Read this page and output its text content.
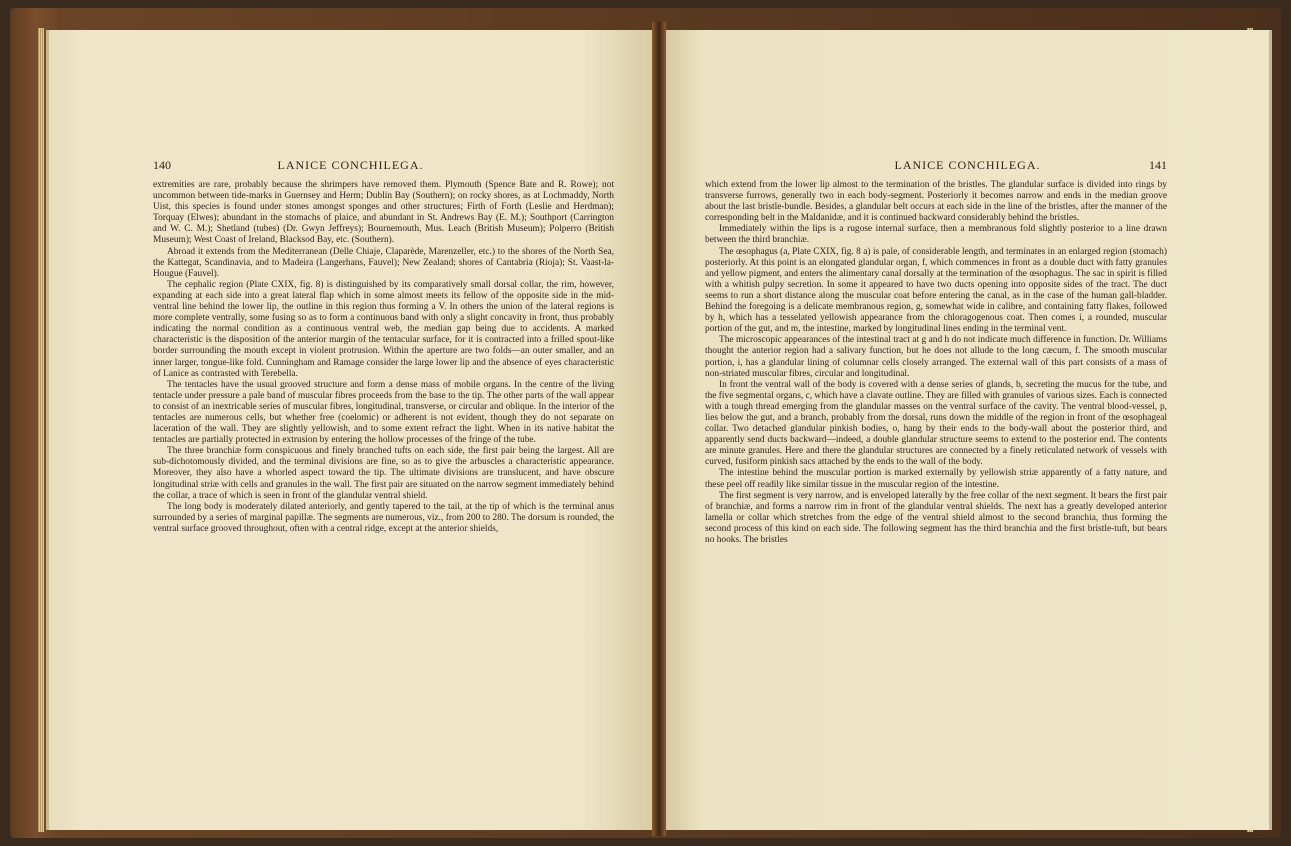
140	LANICE CONCHILEGA.

extremities are rare, probably because the shrimpers have removed them. Plymouth (Spence Bate and R. Rowe); not uncommon between tide-marks in Guernsey and Herm; Dublin Bay (Southern); on rocky shores, as at Lochmaddy, North Uist, this species is found under stones amongst sponges and other structures; Firth of Forth (Leslie and Herdman); Torquay (Elwes); abundant in the stomachs of plaice, and abundant in St. Andrews Bay (E. M.); Southport (Carrington and W. C. M.); Shetland (tubes) (Dr. Gwyn Jeffreys); Bournemouth, Mus. Leach (British Museum); Polperro (British Museum); West Coast of Ireland, Blacksod Bay, etc. (Southern).

Abroad it extends from the Mediterranean (Delle Chiaje, Claparède, Marenzeller, etc.) to the shores of the North Sea, the Kattegat, Scandinavia, and to Madeira (Langerhans, Fauvel); New Zealand; shores of Cantabria (Rioja); St. Vaast-la-Hougue (Fauvel).

The cephalic region (Plate CXIX, fig. 8) is distinguished by its comparatively small dorsal collar, the rim, however, expanding at each side into a great lateral flap which in some almost meets its fellow of the opposite side in the mid-ventral line behind the lower lip, the outline in this region thus forming a V. In others the union of the lateral regions is more complete ventrally, some fusing so as to form a continuous band with only a slight concavity in front, thus probably indicating the normal condition as a continuous ventral web, the median gap being due to accidents. A marked characteristic is the disposition of the anterior margin of the tentacular surface, for it is contracted into a frilled spout-like border surrounding the mouth except in violent protrusion. Within the aperture are two folds—an outer smaller, and an inner larger, tongue-like fold. Cunningham and Ramage consider the large lower lip and the absence of eyes characteristic of Lanice as contrasted with Terebella.

The tentacles have the usual grooved structure and form a dense mass of mobile organs. In the centre of the living tentacle under pressure a pale band of muscular fibres proceeds from the base to the tip. The other parts of the wall appear to consist of an inextricable series of muscular fibres, longitudinal, transverse, or circular and oblique. In the interior of the tentacles are numerous cells, but whether free (coelomic) or adherent is not evident, though they do not separate on laceration of the wall. They are slightly yellowish, and to some extent refract the light. When in its native habitat the tentacles are partially protected in extrusion by entering the hollow processes of the fringe of the tube.

The three branchiæ form conspicuous and finely branched tufts on each side, the first pair being the largest. All are sub-dichotomously divided, and the terminal divisions are fine, so as to give the arbuscles a characteristic appearance. Moreover, they also have a whorled aspect toward the tip. The ultimate divisions are translucent, and have obscure longitudinal striæ with cells and granules in the wall. The first pair are situated on the narrow segment immediately behind the collar, a trace of which is seen in front of the glandular ventral shield.

The long body is moderately dilated anteriorly, and gently tapered to the tail, at the tip of which is the terminal anus surrounded by a series of marginal papillæ. The segments are numerous, viz., from 200 to 280. The dorsum is rounded, the ventral surface grooved throughout, often with a central ridge, except at the anterior shields,

LANICE CONCHILEGA.	141

which extend from the lower lip almost to the termination of the bristles. The glandular surface is divided into rings by transverse furrows, generally two in each body-segment. Posteriorly it becomes narrow and ends in the median groove about the last bristle-bundle. Besides, a glandular belt occurs at each side in the line of the bristles, after the manner of the corresponding belt in the Maldanidæ, and it is continued backward considerably behind the bristles.

Immediately within the lips is a rugose internal surface, then a membranous fold slightly posterior to a line drawn between the third branchiæ.

The œsophagus (a, Plate CXIX, fig. 8 a) is pale, of considerable length, and terminates in an enlarged region (stomach) posteriorly. At this point is an elongated glandular organ, f, which commences in front as a double duct with fatty granules and yellow pigment, and enters the alimentary canal dorsally at the termination of the œsophagus. The sac in spirit is filled with a whitish pulpy secretion. In some it appeared to have two ducts opening into opposite sides of the tract. The duct seems to run a short distance along the muscular coat before entering the canal, as in the case of the human gall-bladder. Behind the foregoing is a delicate membranous region, g, somewhat wide in calibre, and containing fatty flakes, followed by h, which has a tesselated yellowish appearance from the chloragogenous coat. Then comes i, a rounded, muscular portion of the gut, and m, the intestine, marked by longitudinal lines ending in the terminal vent.

The microscopic appearances of the intestinal tract at g and h do not indicate much difference in function. Dr. Williams thought the anterior region had a salivary function, but he does not allude to the long cæcum, f. The smooth muscular portion, i, has a glandular lining of columnar cells closely arranged. The external wall of this part consists of a mass of non-striated muscular fibres, circular and longitudinal.

In front the ventral wall of the body is covered with a dense series of glands, b, secreting the mucus for the tube, and the five segmental organs, c, which have a clavate outline. They are filled with granules of various sizes. Each is connected with a tough thread emerging from the glandular masses on the ventral surface of the cavity. The ventral blood-vessel, p, lies below the gut, and a branch, probably from the dorsal, runs down the middle of the region in front of the œsophageal collar. Two detached glandular pinkish bodies, o, hang by their ends to the body-wall about the posterior third, and apparently send ducts backward—indeed, a double glandular structure seems to extend to the posterior end. The contents are minute granules. Here and there the glandular structures are connected by a finely reticulated network of vessels with curved, fusiform pinkish sacs attached by the ends to the wall of the body.

The intestine behind the muscular portion is marked externally by yellowish striæ apparently of a fatty nature, and these peel off readily like similar tissue in the muscular region of the intestine.

The first segment is very narrow, and is enveloped laterally by the free collar of the next segment. It bears the first pair of branchiæ, and forms a narrow rim in front of the glandular ventral shields. The next has a greatly developed anterior lamella or collar which stretches from the edge of the ventral shield almost to the second branchia, thus forming the second process of this kind on each side. The following segment has the third branchia and the first bristle-tuft, but bears no hooks. The bristles
